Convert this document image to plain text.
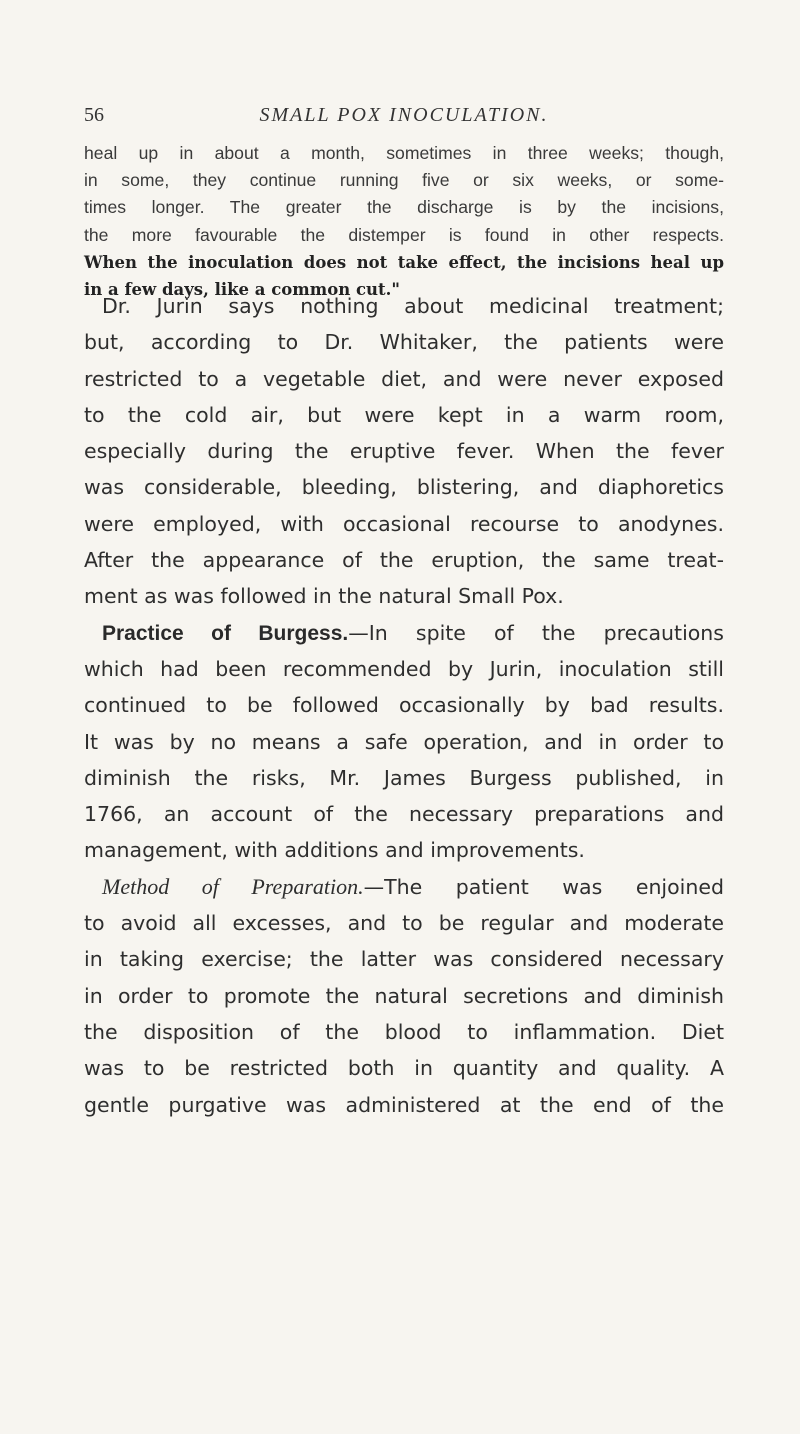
56	SMALL POX INOCULATION.
heal up in about a month, sometimes in three weeks; though,
in some, they continue running five or six weeks, or some-
times longer. The greater the discharge is by the incisions,
the more favourable the distemper is found in other respects.
When the inoculation does not take effect, the incisions heal up
in a few days, like a common cut."
Dr. Jurin says nothing about medicinal treatment;
but, according to Dr. Whitaker, the patients were
restricted to a vegetable diet, and were never exposed
to the cold air, but were kept in a warm room,
especially during the eruptive fever. When the fever
was considerable, bleeding, blistering, and diaphoretics
were employed, with occasional recourse to anodynes.
After the appearance of the eruption, the same treat-
ment as was followed in the natural Small Pox.
Practice of Burgess.—In spite of the precautions
which had been recommended by Jurin, inoculation still
continued to be followed occasionally by bad results.
It was by no means a safe operation, and in order to
diminish the risks, Mr. James Burgess published, in
1766, an account of the necessary preparations and
management, with additions and improvements.
Method of Preparation.—The patient was enjoined
to avoid all excesses, and to be regular and moderate
in taking exercise; the latter was considered necessary
in order to promote the natural secretions and diminish
the disposition of the blood to inflammation. Diet
was to be restricted both in quantity and quality. A
gentle purgative was administered at the end of the
